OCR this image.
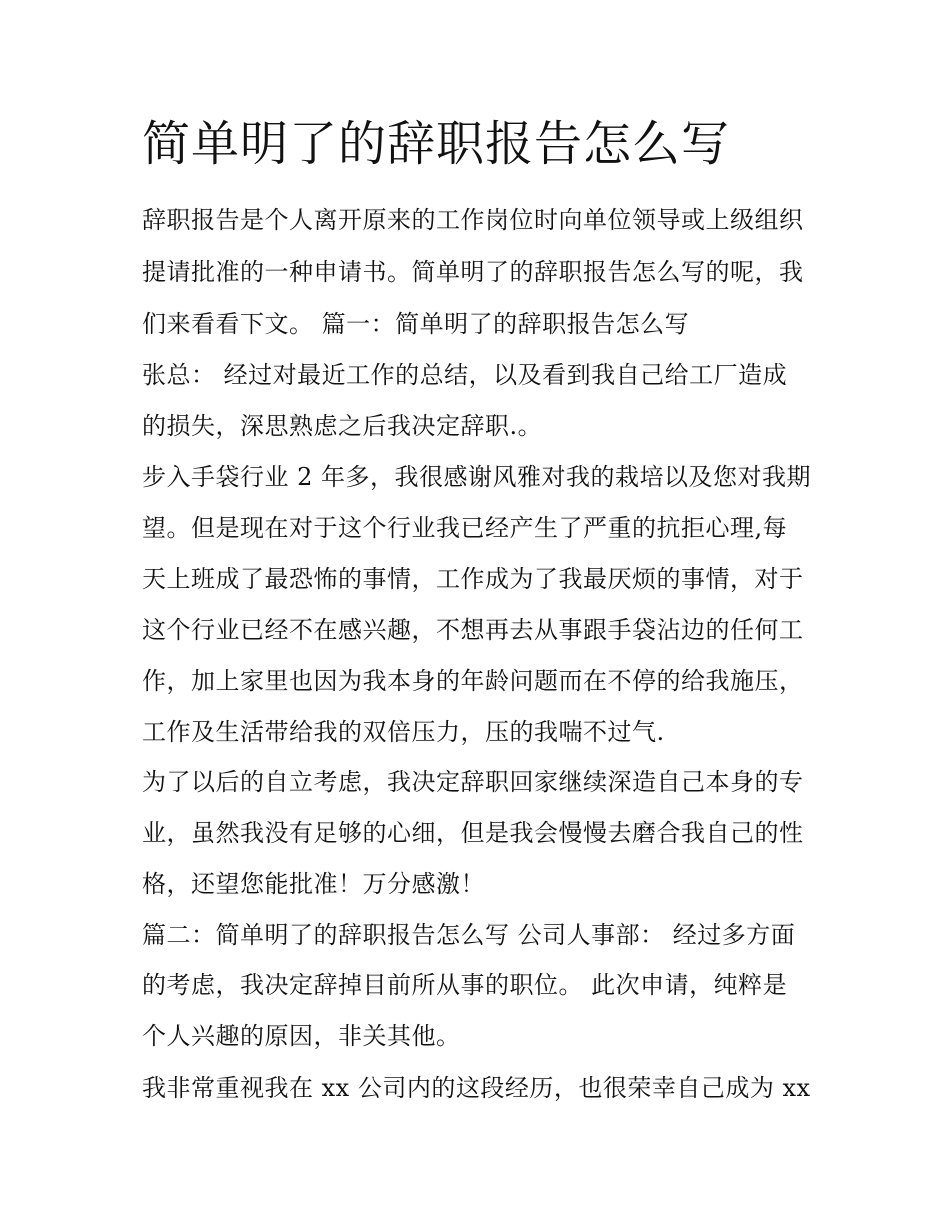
简单明了的辞职报告怎么写

辞职报告是个人离开原来的工作岗位时向单位领导或上级组织

提请批准的一种申请书。简单明了的辞职报告怎么写的呢，我

们来看看下文。 篇一：简单明了的辞职报告怎么写

张总： 经过对最近工作的总结，以及看到我自己给工厂造成

的损失，深思熟虑之后我决定辞职.。

步入手袋行业 2 年多，我很感谢风雅对我的栽培以及您对我期

望。但是现在对于这个行业我已经产生了严重的抗拒心理,每

天上班成了最恐怖的事情，工作成为了我最厌烦的事情，对于

这个行业已经不在感兴趣，不想再去从事跟手袋沾边的任何工

作，加上家里也因为我本身的年龄问题而在不停的给我施压，

工作及生活带给我的双倍压力，压的我喘不过气.

为了以后的自立考虑，我决定辞职回家继续深造自己本身的专

业，虽然我没有足够的心细，但是我会慢慢去磨合我自己的性

格，还望您能批准！万分感激！

篇二：简单明了的辞职报告怎么写 公司人事部： 经过多方面

的考虑，我决定辞掉目前所从事的职位。 此次申请，纯粹是

个人兴趣的原因，非关其他。

我非常重视我在 xx 公司内的这段经历，也很荣幸自己成为 xx
